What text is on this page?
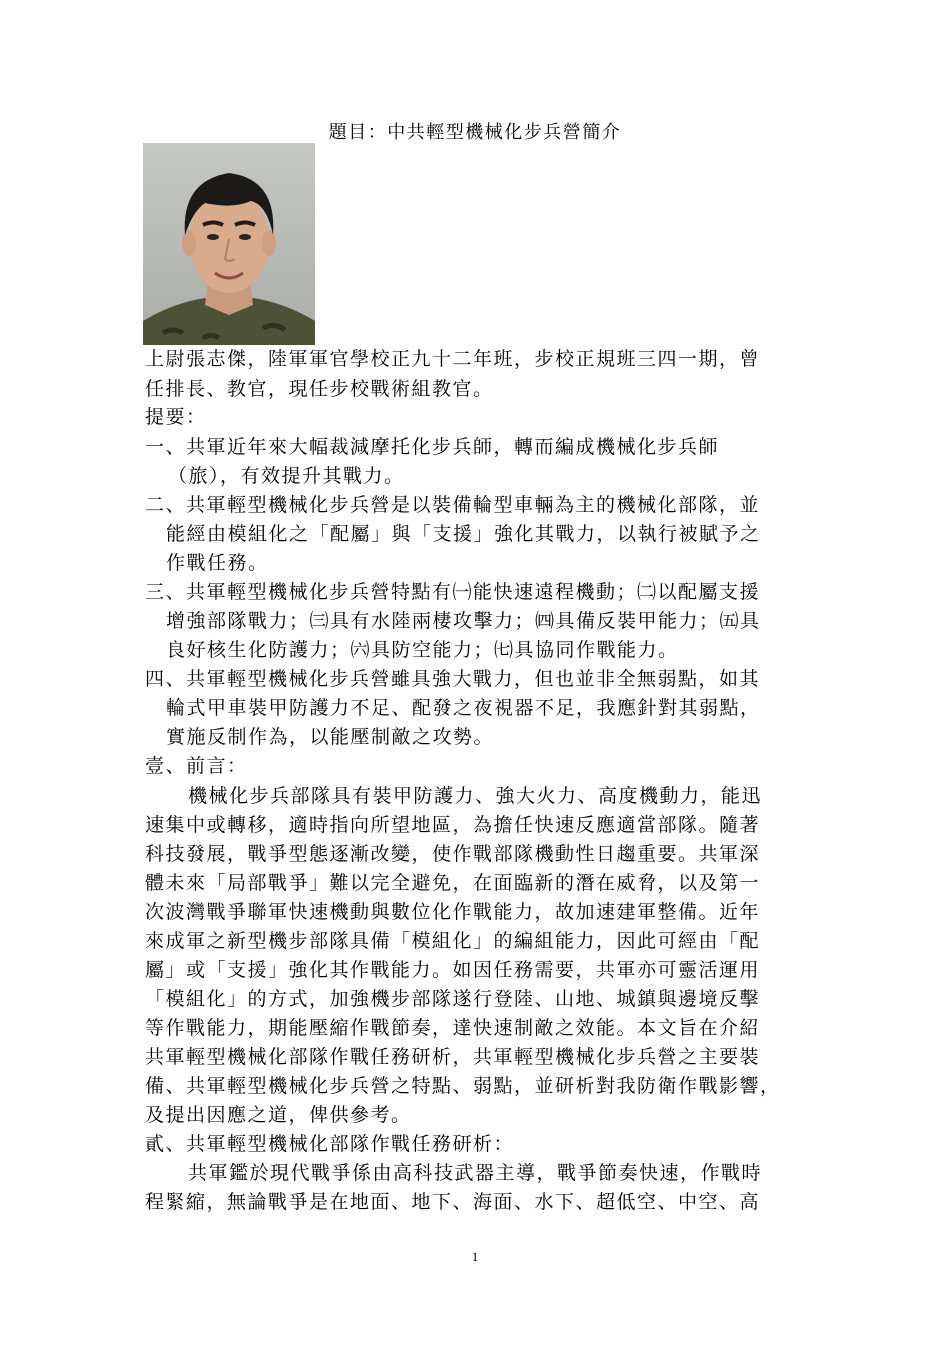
題目：中共輕型機械化步兵營簡介
上尉張志傑，陸軍軍官學校正九十二年班，步校正規班三四一期，曾
任排長、教官，現任步校戰術組教官。
提要：
一、共軍近年來大幅裁減摩托化步兵師，轉而編成機械化步兵師
（旅），有效提升其戰力。
二、共軍輕型機械化步兵營是以裝備輪型車輛為主的機械化部隊，並
能經由模組化之「配屬」與「支援」強化其戰力，以執行被賦予之
作戰任務。
三、共軍輕型機械化步兵營特點有㈠能快速遠程機動；㈡以配屬支援
增強部隊戰力；㈢具有水陸兩棲攻擊力；㈣具備反裝甲能力；㈤具
良好核生化防護力；㈥具防空能力；㈦具協同作戰能力。
四、共軍輕型機械化步兵營雖具強大戰力，但也並非全無弱點，如其
輪式甲車裝甲防護力不足、配發之夜視器不足，我應針對其弱點，
實施反制作為，以能壓制敵之攻勢。
壹、前言：
機械化步兵部隊具有裝甲防護力、強大火力、高度機動力，能迅
速集中或轉移，適時指向所望地區，為擔任快速反應適當部隊。隨著
科技發展，戰爭型態逐漸改變，使作戰部隊機動性日趨重要。共軍深
體未來「局部戰爭」難以完全避免，在面臨新的潛在威脅，以及第一
次波灣戰爭聯軍快速機動與數位化作戰能力，故加速建軍整備。近年
來成軍之新型機步部隊具備「模組化」的編組能力，因此可經由「配
屬」或「支援」強化其作戰能力。如因任務需要，共軍亦可靈活運用
「模組化」的方式，加強機步部隊遂行登陸、山地、城鎮與邊境反擊
等作戰能力，期能壓縮作戰節奏，達快速制敵之效能。本文旨在介紹
共軍輕型機械化部隊作戰任務研析，共軍輕型機械化步兵營之主要裝
備、共軍輕型機械化步兵營之特點、弱點，並研析對我防衛作戰影響，
及提出因應之道，俾供參考。
貳、共軍輕型機械化部隊作戰任務研析：
共軍鑑於現代戰爭係由高科技武器主導，戰爭節奏快速，作戰時
程緊縮，無論戰爭是在地面、地下、海面、水下、超低空、中空、高
1
